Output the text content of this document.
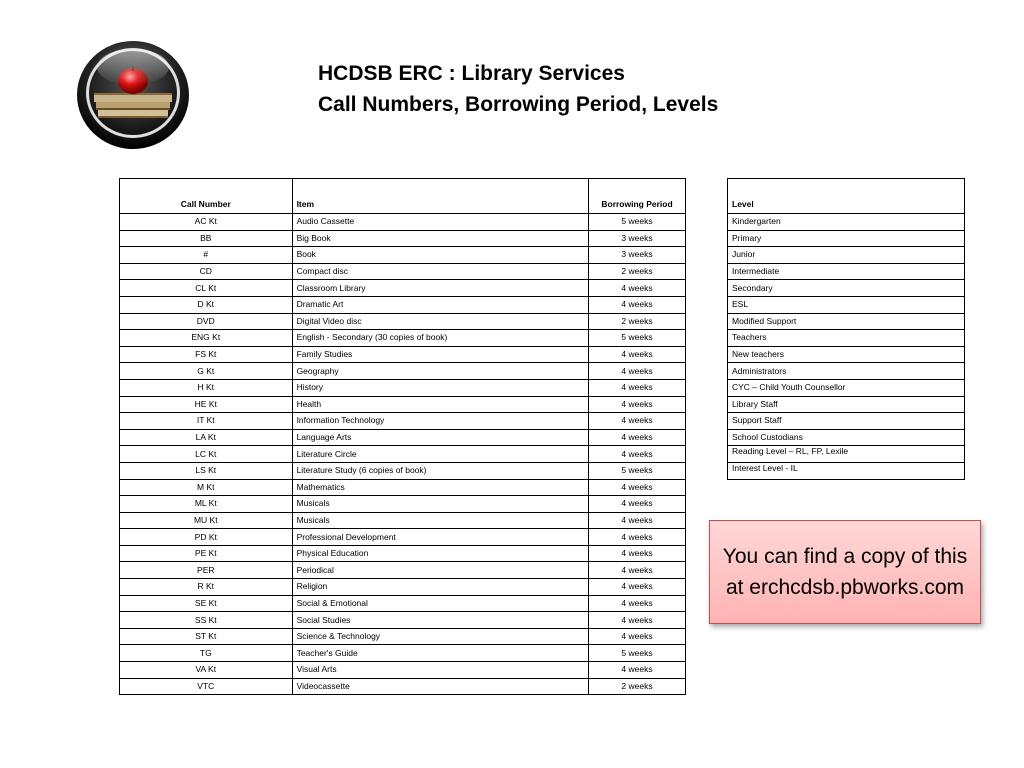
HCDSB ERC : Library Services
Call Numbers, Borrowing Period, Levels
Call Number	Item	Borrowing Period
AC Kt	Audio Cassette	5 weeks
BB	Big Book	3 weeks
#	Book	3 weeks
CD	Compact disc	2 weeks
CL Kt	Classroom Library	4 weeks
D Kt	Dramatic Art	4 weeks
DVD	Digital Video disc	2 weeks
ENG Kt	English - Secondary (30 copies of book)	5 weeks
FS Kt	Family Studies	4 weeks
G Kt	Geography	4 weeks
H Kt	History	4 weeks
HE Kt	Health	4 weeks
IT Kt	Information Technology	4 weeks
LA Kt	Language Arts	4 weeks
LC Kt	Literature Circle	4 weeks
LS Kt	Literature Study (6 copies of book)	5 weeks
M Kt	Mathematics	4 weeks
ML Kt	Musicals	4 weeks
MU Kt	Musicals	4 weeks
PD Kt	Professional Development	4 weeks
PE Kt	Physical Education	4 weeks
PER	Periodical	4 weeks
R Kt	Religion	4 weeks
SE Kt	Social & Emotional	4 weeks
SS Kt	Social Studies	4 weeks
ST Kt	Science & Technology	4 weeks
TG	Teacher's Guide	5 weeks
VA Kt	Visual Arts	4 weeks
VTC	Videocassette	2 weeks
Level
Kindergarten
Primary
Junior
Intermediate
Secondary
ESL
Modified Support
Teachers
New teachers
Administrators
CYC – Child Youth Counsellor
Library Staff
Support Staff
School Custodians
Reading Level – RL, FP, Lexile
Interest Level - IL
You can find a copy of this at erchcdsb.pbworks.com
